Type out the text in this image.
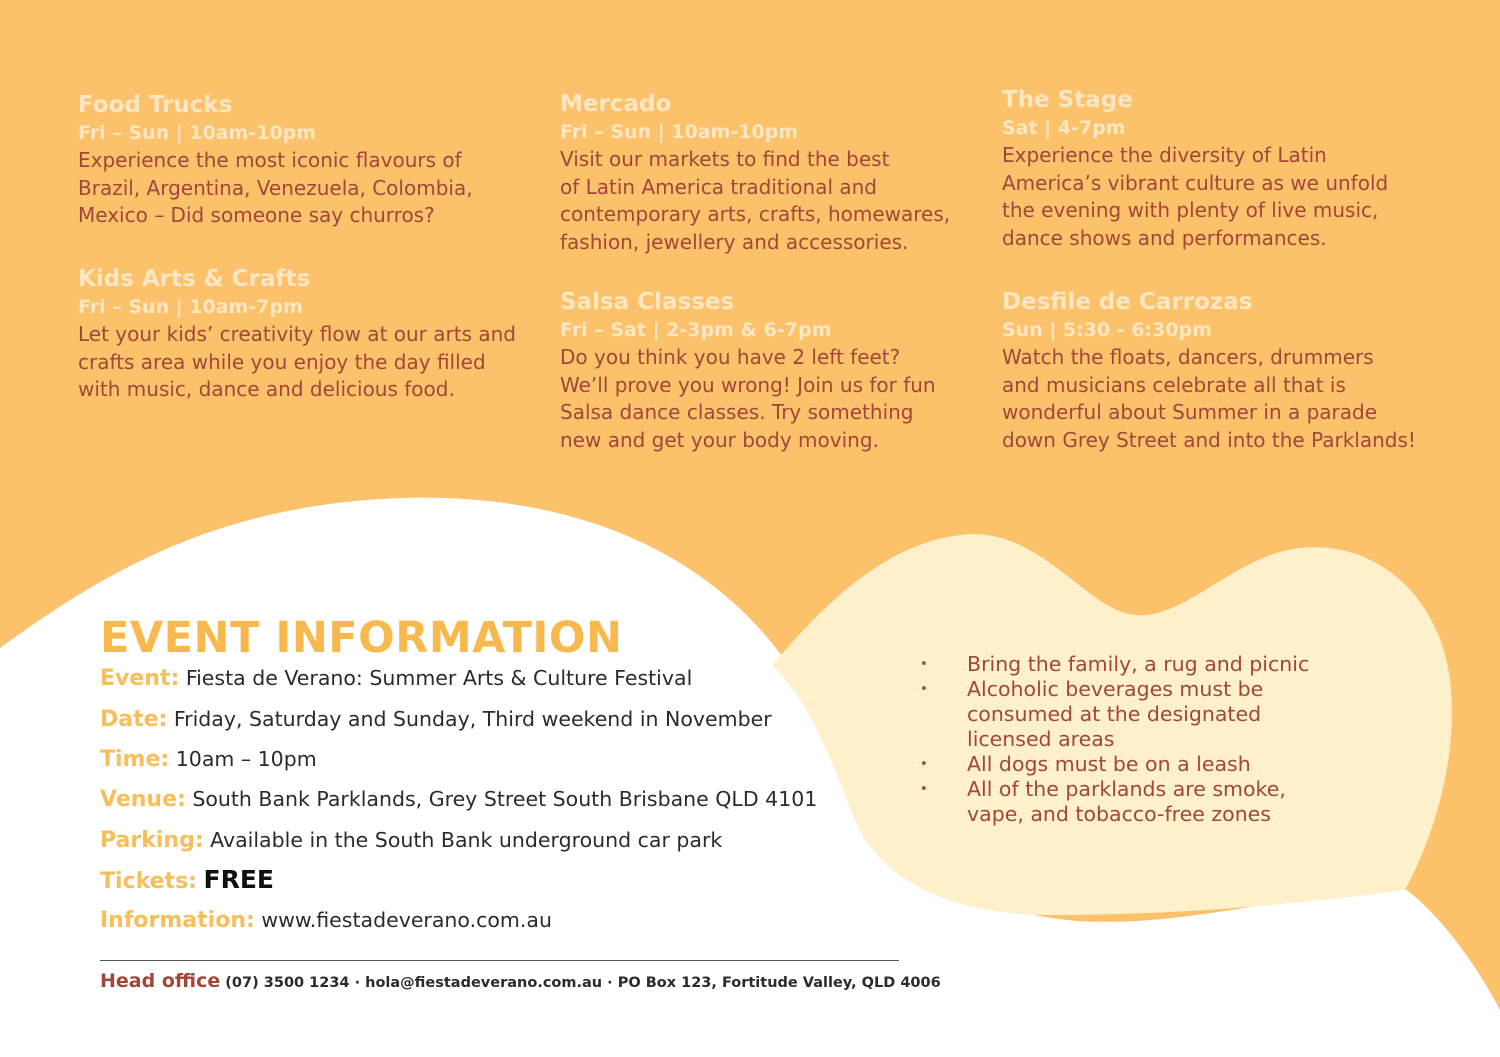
Food Trucks
Fri – Sun | 10am-10pm

Experience the most iconic flavours of
Brazil, Argentina, Venezuela, Colombia,
Mexico – Did someone say churros?

Mercado
Fri – Sun | 10am-10pm

Visit our markets to find the best
of Latin America traditional and
contemporary arts, crafts, homewares,
fashion, jewellery and accessories.

The Stage
Sat | 4-7pm

Experience the diversity of Latin
America’s vibrant culture as we unfold
the evening with plenty of live music,
dance shows and performances.

Kids Arts & Crafts
Fri – Sun | 10am-7pm

Let your kids’ creativity flow at our arts and
crafts area while you enjoy the day filled
with music, dance and delicious food.

Salsa Classes
Fri – Sat | 2-3pm & 6-7pm

Do you think you have 2 left feet?
We’ll prove you wrong! Join us for fun
Salsa dance classes. Try something
new and get your body moving.

Desfile de Carrozas
Sun | 5:30 - 6:30pm

Watch the floats, dancers, drummers
and musicians celebrate all that is
wonderful about Summer in a parade
down Grey Street and into the Parklands!

EVENT INFORMATION
Event: Fiesta de Verano: Summer Arts & Culture Festival
Date: Friday, Saturday and Sunday, Third weekend in November
Time: 10am – 10pm
Venue: South Bank Parklands, Grey Street South Brisbane QLD 4101
Parking: Available in the South Bank underground car park
Tickets: FREE
Information: www.fiestadeverano.com.au
Head office (07) 3500 1234 · hola@fiestadeverano.com.au · PO Box 123, Fortitude Valley, QLD 4006
• Bring the family, a rug and picnic
• Alcoholic beverages must be consumed at the designated licensed areas
• All dogs must be on a leash
• All of the parklands are smoke, vape, and tobacco-free zones
